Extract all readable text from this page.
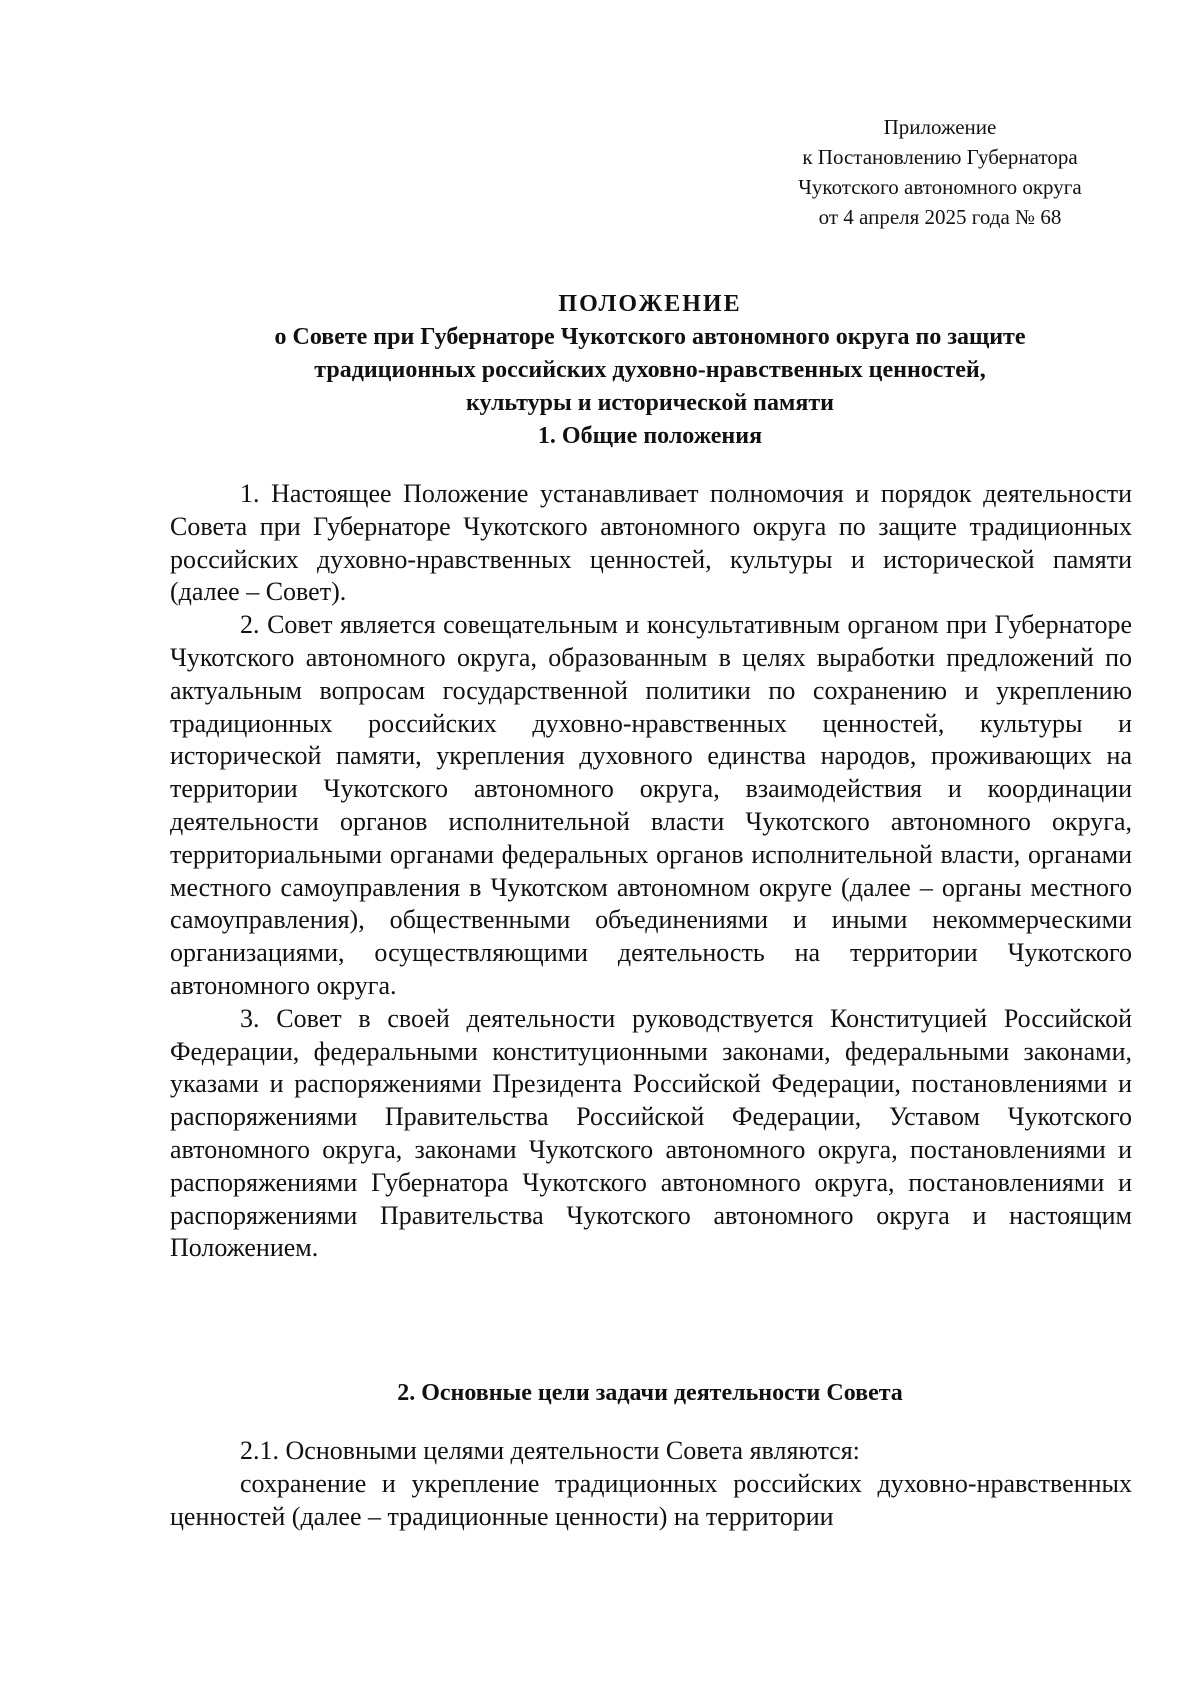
Приложение
к Постановлению Губернатора
Чукотского автономного округа
от 4 апреля 2025 года № 68
ПОЛОЖЕНИЕ
о Совете при Губернаторе Чукотского автономного округа по защите
традиционных российских духовно-нравственных ценностей,
культуры и исторической памяти
1. Общие положения

1. Настоящее Положение устанавливает полномочия и порядок деятельности Совета при Губернаторе Чукотского автономного округа по защите традиционных российских духовно-нравственных ценностей, культуры и исторической памяти (далее – Совет).

2. Совет является совещательным и консультативным органом при Губернаторе Чукотского автономного округа, образованным в целях выработки предложений по актуальным вопросам государственной политики по сохранению и укреплению традиционных российских духовно-нравственных ценностей, культуры и исторической памяти, укрепления духовного единства народов, проживающих на территории Чукотского автономного округа, взаимодействия и координации деятельности органов исполнительной власти Чукотского автономного округа, территориальными органами федеральных органов исполнительной власти, органами местного самоуправления в Чукотском автономном округе (далее – органы местного самоуправления), общественными объединениями и иными некоммерческими организациями, осуществляющими деятельность на территории Чукотского автономного округа.

3. Совет в своей деятельности руководствуется Конституцией Российской Федерации, федеральными конституционными законами, федеральными законами, указами и распоряжениями Президента Российской Федерации, постановлениями и распоряжениями Правительства Российской Федерации, Уставом Чукотского автономного округа, законами Чукотского автономного округа, постановлениями и распоряжениями Губернатора Чукотского автономного округа, постановлениями и распоряжениями Правительства Чукотского автономного округа и настоящим Положением.

2. Основные цели задачи деятельности Совета

2.1. Основными целями деятельности Совета являются:

сохранение и укрепление традиционных российских духовно-нравственных ценностей (далее – традиционные ценности) на территории
